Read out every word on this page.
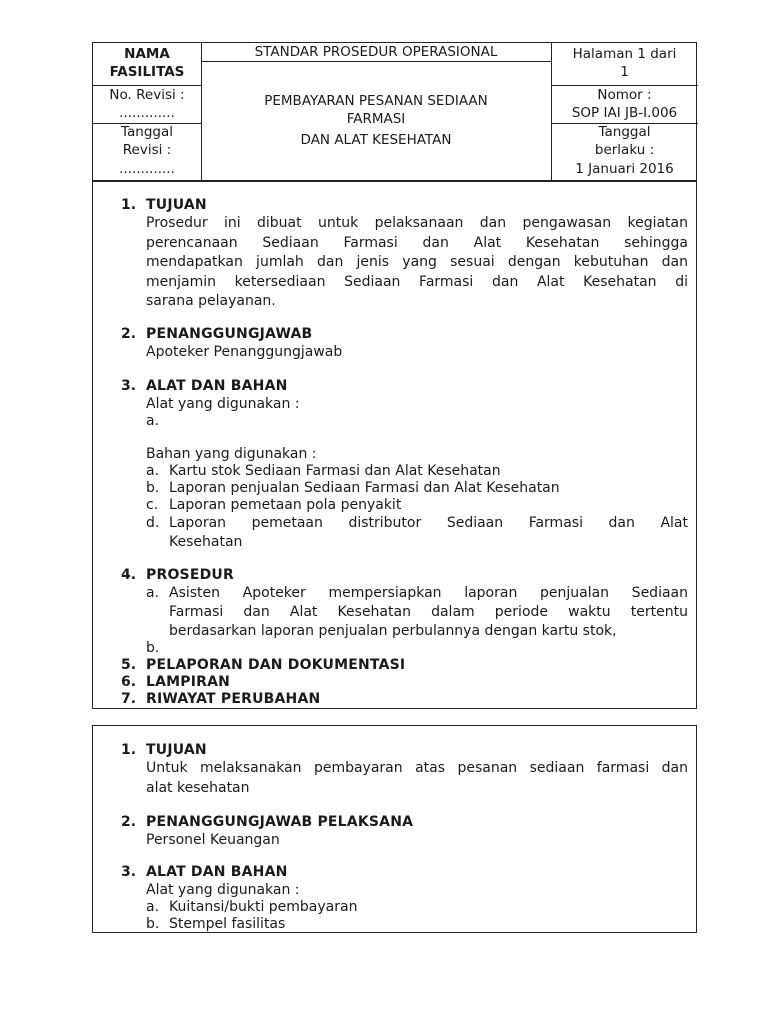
NAMA
FASILITAS
No. Revisi :
.............
Tanggal
Revisi :
.............
STANDAR PROSEDUR OPERASIONAL
PEMBAYARAN PESANAN SEDIAAN
FARMASI
DAN ALAT KESEHATAN
Halaman 1 dari
1
Nomor :
SOP IAI JB-I.006
Tanggal
berlaku :
1 Januari 2016
1. TUJUAN
Prosedur ini dibuat untuk pelaksanaan dan pengawasan kegiatan
perencanaan Sediaan Farmasi dan Alat Kesehatan sehingga
mendapatkan jumlah dan jenis yang sesuai dengan kebutuhan dan
menjamin ketersediaan Sediaan Farmasi dan Alat Kesehatan di
sarana pelayanan.
2. PENANGGUNGJAWAB
Apoteker Penanggungjawab
3. ALAT DAN BAHAN
Alat yang digunakan :
a.
Bahan yang digunakan :
a. Kartu stok Sediaan Farmasi dan Alat Kesehatan
b. Laporan penjualan Sediaan Farmasi dan Alat Kesehatan
c. Laporan pemetaan pola penyakit
d. Laporan pemetaan distributor Sediaan Farmasi dan Alat
Kesehatan
4. PROSEDUR
a. Asisten Apoteker mempersiapkan laporan penjualan Sediaan
Farmasi dan Alat Kesehatan dalam periode waktu tertentu
berdasarkan laporan penjualan perbulannya dengan kartu stok,
b.
5. PELAPORAN DAN DOKUMENTASI
6. LAMPIRAN
7. RIWAYAT PERUBAHAN
1. TUJUAN
Untuk melaksanakan pembayaran atas pesanan sediaan farmasi dan
alat kesehatan
2. PENANGGUNGJAWAB PELAKSANA
Personel Keuangan
3. ALAT DAN BAHAN
Alat yang digunakan :
a. Kuitansi/bukti pembayaran
b. Stempel fasilitas
